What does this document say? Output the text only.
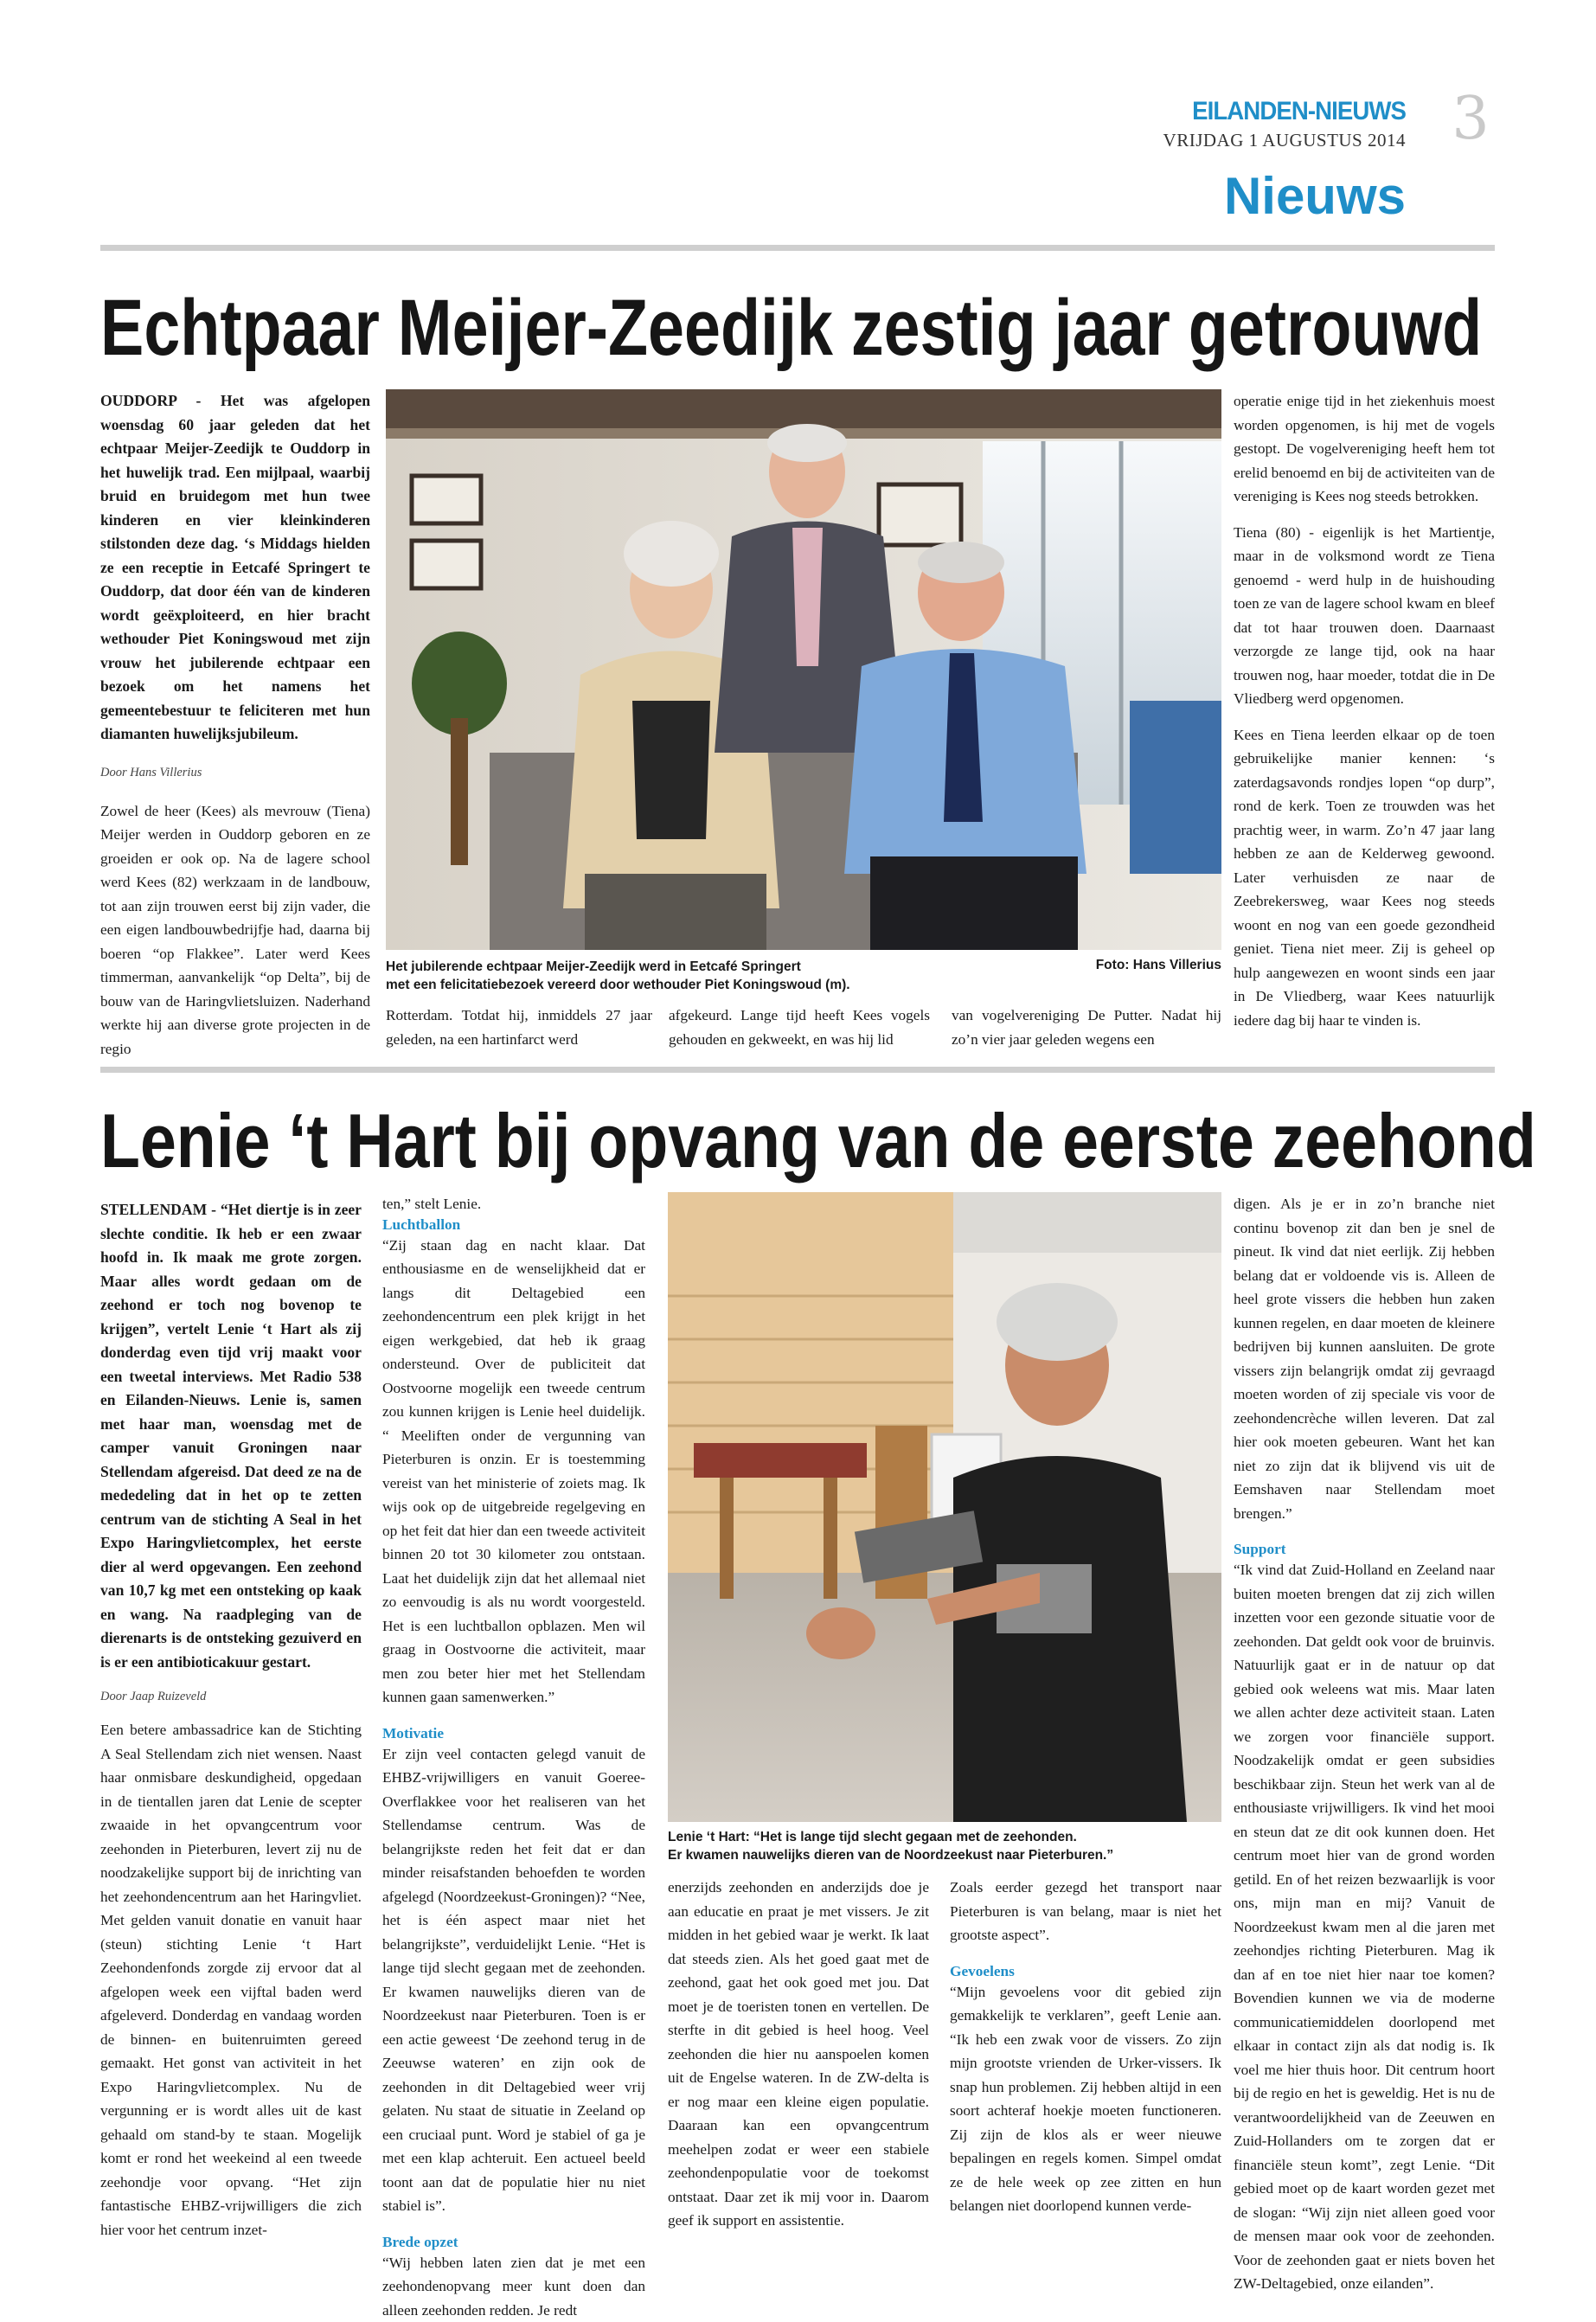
EILANDEN-NIEUWS
VRIJDAG 1 AUGUSTUS 2014 3
Nieuws
Echtpaar Meijer-Zeedijk zestig jaar getrouwd
OUDDORP - Het was afgelopen woensdag 60 jaar geleden dat het echtpaar Meijer-Zeedijk te Ouddorp in het huwelijk trad. Een mijlpaal, waarbij bruid en bruidegom met hun twee kinderen en vier kleinkinderen stilstonden deze dag. ‘s Middags hielden ze een receptie in Eetcafé Springert te Ouddorp, dat door één van de kinderen wordt geëxploiteerd, en hier bracht wethouder Piet Koningswoud met zijn vrouw het jubilerende echtpaar een bezoek om het namens het gemeentebestuur te feliciteren met hun diamanten huwelijksjubileum.
Door Hans Villerius

Zowel de heer (Kees) als mevrouw (Tiena) Meijer werden in Ouddorp geboren en ze groeiden er ook op. Na de lagere school werd Kees (82) werkzaam in de landbouw, tot aan zijn trouwen eerst bij zijn vader, die een eigen landbouwbedrijfje had, daarna bij boeren “op Flakkee”. Later werd Kees timmerman, aanvankelijk “op Delta”, bij de bouw van de Haringvlietsluizen. Naderhand werkte hij aan diverse grote projecten in de regio

Het jubilerende echtpaar Meijer-Zeedijk werd in Eetcafé Springert
met een felicitatiebezoek vereerd door wethouder Piet Koningswoud (m).
Foto: Hans Villerius

Rotterdam. Totdat hij, inmiddels 27 jaar geleden, na een hartinfarct werd

afgekeurd. Lange tijd heeft Kees vogels gehouden en gekweekt, en was hij lid

van vogelvereniging De Putter. Nadat hij zo’n vier jaar geleden wegens een

operatie enige tijd in het ziekenhuis moest worden opgenomen, is hij met de vogels gestopt. De vogelvereniging heeft hem tot erelid benoemd en bij de activiteiten van de vereniging is Kees nog steeds betrokken.

Tiena (80) - eigenlijk is het Martientje, maar in de volksmond wordt ze Tiena genoemd - werd hulp in de huishouding toen ze van de lagere school kwam en bleef dat tot haar trouwen doen. Daarnaast verzorgde ze lange tijd, ook na haar trouwen nog, haar moeder, totdat die in De Vliedberg werd opgenomen.

Kees en Tiena leerden elkaar op de toen gebruikelijke manier kennen: ‘s zaterdagsavonds rondjes lopen “op durp”, rond de kerk. Toen ze trouwden was het prachtig weer, in warm. Zo’n 47 jaar lang hebben ze aan de Kelderweg gewoond. Later verhuisden ze naar de Zeebrekersweg, waar Kees nog steeds woont en nog van een goede gezondheid geniet. Tiena niet meer. Zij is geheel op hulp aangewezen en woont sinds een jaar in De Vliedberg, waar Kees natuurlijk iedere dag bij haar te vinden is.

Lenie ‘t Hart bij opvang van de eerste zeehond
STELLENDAM - “Het diertje is in zeer slechte conditie. Ik heb er een zwaar hoofd in. Ik maak me grote zorgen. Maar alles wordt gedaan om de zeehond er toch nog bovenop te krijgen”, vertelt Lenie ‘t Hart als zij donderdag even tijd vrij maakt voor een tweetal interviews. Met Radio 538 en Eilanden-Nieuws. Lenie is, samen met haar man, woensdag met de camper vanuit Groningen naar Stellendam afgereisd. Dat deed ze na de mededeling dat in het op te zetten centrum van de stichting A Seal in het Expo Haringvlietcomplex, het eerste dier al werd opgevangen. Een zeehond van 10,7 kg met een ontsteking op kaak en wang. Na raadpleging van de dierenarts is de ontsteking gezuiverd en is er een antibioticakuur gestart.
Door Jaap Ruizeveld

Een betere ambassadrice kan de Stichting A Seal Stellendam zich niet wensen. Naast haar onmisbare deskundigheid, opgedaan in de tientallen jaren dat Lenie de scepter zwaaide in het opvangcentrum voor zeehonden in Pieterburen, levert zij nu de noodzakelijke support bij de inrichting van het zeehondencentrum aan het Haringvliet. Met gelden vanuit donatie en vanuit haar (steun) stichting Lenie ‘t Hart Zeehondenfonds zorgde zij ervoor dat al afgelopen week een vijftal baden werd afgeleverd. Donderdag en vandaag worden de binnen- en buitenruimten gereed gemaakt. Het gonst van activiteit in het Expo Haringvlietcomplex. Nu de vergunning er is wordt alles uit de kast gehaald om stand-by te staan. Mogelijk komt er rond het weekeind al een tweede zeehondje voor opvang. “Het zijn fantastische EHBZ-vrijwilligers die zich hier voor het centrum inzet-

ten,” stelt Lenie.

Luchtballon

“Zij staan dag en nacht klaar. Dat enthousiasme en de wenselijkheid dat er langs dit Deltagebied een zeehondencentrum een plek krijgt in het eigen werkgebied, dat heb ik graag ondersteund. Over de publiciteit dat Oostvoorne mogelijk een tweede centrum zou kunnen krijgen is Lenie heel duidelijk. “ Meeliften onder de vergunning van Pieterburen is onzin. Er is toestemming vereist van het ministerie of zoiets mag. Ik wijs ook op de uitgebreide regelgeving en op het feit dat hier dan een tweede activiteit binnen 20 tot 30 kilometer zou ontstaan. Laat het duidelijk zijn dat het allemaal niet zo eenvoudig is als nu wordt voorgesteld. Het is een luchtballon opblazen. Men wil graag in Oostvoorne die activiteit, maar men zou beter hier met het Stellendam kunnen gaan samenwerken.”

Motivatie

Er zijn veel contacten gelegd vanuit de EHBZ-vrijwilligers en vanuit Goeree-Overflakkee voor het realiseren van het Stellendamse centrum. Was de belangrijkste reden het feit dat er dan minder reisafstanden behoefden te worden afgelegd (Noordzeekust-Groningen)? “Nee, het is één aspect maar niet het belangrijkste”, verduidelijkt Lenie. “Het is lange tijd slecht gegaan met de zeehonden. Er kwamen nauwelijks dieren van de Noordzeekust naar Pieterburen. Toen is er een actie geweest ‘De zeehond terug in de Zeeuwse wateren’ en zijn ook de zeehonden in dit Deltagebied weer vrij gelaten. Nu staat de situatie in Zeeland op een cruciaal punt. Word je stabiel of ga je met een klap achteruit. Een actueel beeld toont aan dat de populatie hier nu niet stabiel is”.

Brede opzet

“Wij hebben laten zien dat je met een zeehondenopvang meer kunt doen dan alleen zeehonden redden. Je redt

Lenie ‘t Hart: “Het is lange tijd slecht gegaan met de zeehonden.
Er kwamen nauwelijks dieren van de Noordzeekust naar Pieterburen.”

enerzijds zeehonden en anderzijds doe je aan educatie en praat je met vissers. Je zit midden in het gebied waar je werkt. Ik laat dat steeds zien. Als het goed gaat met de zeehond, gaat het ook goed met jou. Dat moet je de toeristen tonen en vertellen. De sterfte in dit gebied is heel hoog. Veel zeehonden die hier nu aanspoelen komen uit de Engelse wateren. In de ZW-delta is er nog maar een kleine eigen populatie. Daaraan kan een opvangcentrum meehelpen zodat er weer een stabiele zeehondenpopulatie voor de toekomst ontstaat. Daar zet ik mij voor in. Daarom geef ik support en assistentie.

Zoals eerder gezegd het transport naar Pieterburen is van belang, maar is niet het grootste aspect”.

Gevoelens

“Mijn gevoelens voor dit gebied zijn gemakkelijk te verklaren”, geeft Lenie aan. “Ik heb een zwak voor de vissers. Zo zijn mijn grootste vrienden de Urker-vissers. Ik snap hun problemen. Zij hebben altijd in een soort achteraf hoekje moeten functioneren. Zij zijn de klos als er weer nieuwe bepalingen en regels komen. Simpel omdat ze de hele week op zee zitten en hun belangen niet doorlopend kunnen verde-

digen. Als je er in zo’n branche niet continu bovenop zit dan ben je snel de pineut. Ik vind dat niet eerlijk. Zij hebben belang dat er voldoende vis is. Alleen de heel grote vissers die hebben hun zaken kunnen regelen, en daar moeten de kleinere bedrijven bij kunnen aansluiten. De grote vissers zijn belangrijk omdat zij gevraagd moeten worden of zij speciale vis voor de zeehondencrèche willen leveren. Dat zal hier ook moeten gebeuren. Want het kan niet zo zijn dat ik blijvend vis uit de Eemshaven naar Stellendam moet brengen.”

Support

“Ik vind dat Zuid-Holland en Zeeland naar buiten moeten brengen dat zij zich willen inzetten voor een gezonde situatie voor de zeehonden. Dat geldt ook voor de bruinvis. Natuurlijk gaat er in de natuur op dat gebied ook weleens wat mis. Maar laten we allen achter deze activiteit staan. Laten we zorgen voor financiële support. Noodzakelijk omdat er geen subsidies beschikbaar zijn. Steun het werk van al de enthousiaste vrijwilligers. Ik vind het mooi en steun dat ze dit ook kunnen doen. Het centrum moet hier van de grond worden getild. En of het reizen bezwaarlijk is voor ons, mijn man en mij? Vanuit de Noordzeekust kwam men al die jaren met zeehondjes richting Pieterburen. Mag ik dan af en toe niet hier naar toe komen? Bovendien kunnen we via de moderne communicatiemiddelen doorlopend met elkaar in contact zijn als dat nodig is. Ik voel me hier thuis hoor. Dit centrum hoort bij de regio en het is geweldig. Het is nu de verantwoordelijkheid van de Zeeuwen en Zuid-Hollanders om te zorgen dat er financiële steun komt”, zegt Lenie. “Dit gebied moet op de kaart worden gezet met de slogan: “Wij zijn niet alleen goed voor de mensen maar ook voor de zeehonden. Voor de zeehonden gaat er niets boven het ZW-Deltagebied, onze eilanden”.
